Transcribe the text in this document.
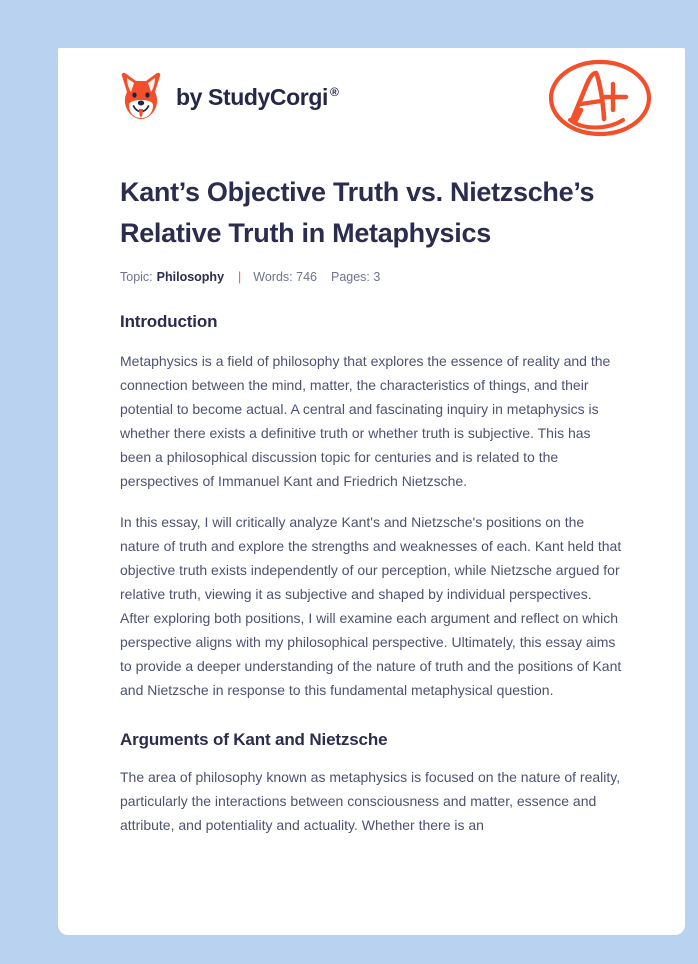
by StudyCorgi ®
Kant’s Objective Truth vs. Nietzsche’s Relative Truth in Metaphysics
Topic: Philosophy | Words: 746 Pages: 3
Introduction

Metaphysics is a field of philosophy that explores the essence of reality and the connection between the mind, matter, the characteristics of things, and their potential to become actual. A central and fascinating inquiry in metaphysics is whether there exists a definitive truth or whether truth is subjective. This has been a philosophical discussion topic for centuries and is related to the perspectives of Immanuel Kant and Friedrich Nietzsche.

In this essay, I will critically analyze Kant's and Nietzsche's positions on the nature of truth and explore the strengths and weaknesses of each. Kant held that objective truth exists independently of our perception, while Nietzsche argued for relative truth, viewing it as subjective and shaped by individual perspectives. After exploring both positions, I will examine each argument and reflect on which perspective aligns with my philosophical perspective. Ultimately, this essay aims to provide a deeper understanding of the nature of truth and the positions of Kant and Nietzsche in response to this fundamental metaphysical question.

Arguments of Kant and Nietzsche

The area of philosophy known as metaphysics is focused on the nature of reality, particularly the interactions between consciousness and matter, essence and attribute, and potentiality and actuality. Whether there is an
